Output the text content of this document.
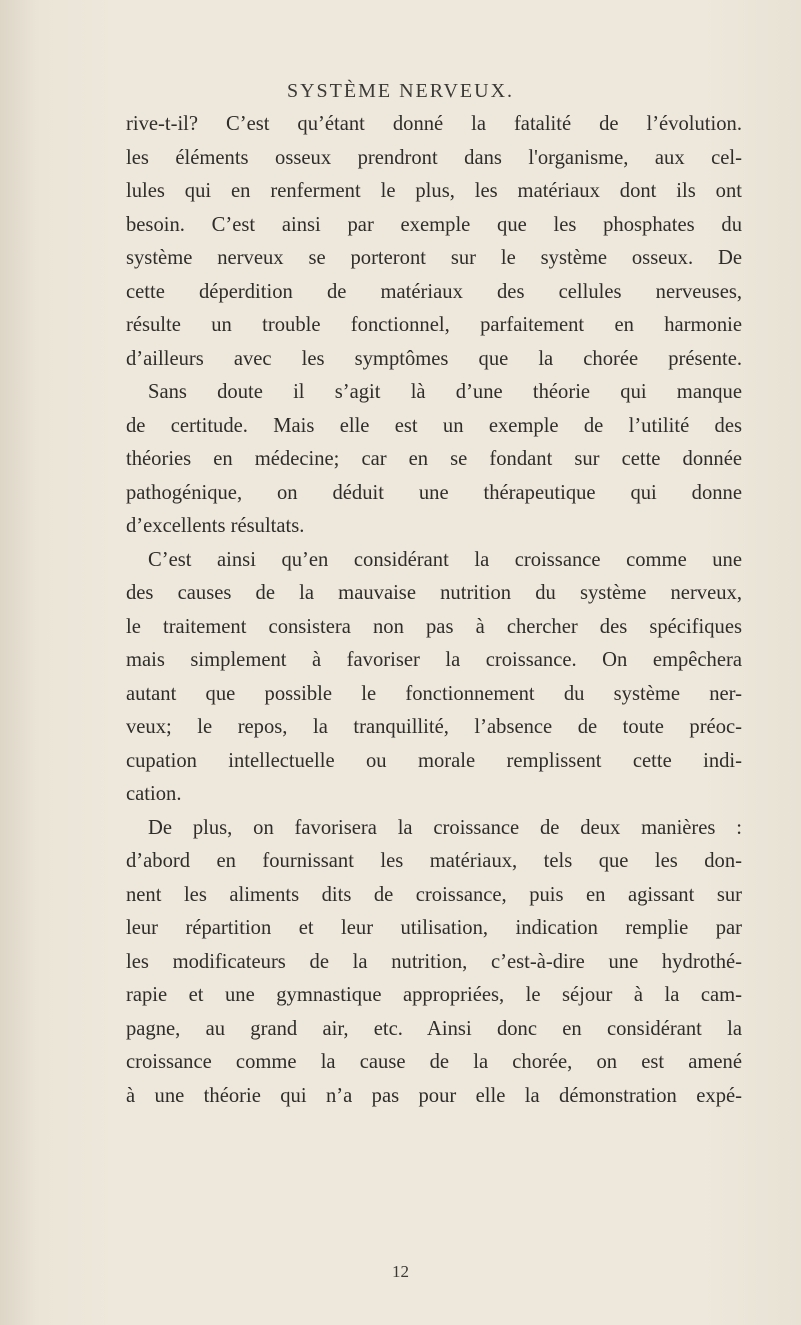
SYSTÈME NERVEUX.
rive-t-il? C’est qu’étant donné la fatalité de l’évolution.
les éléments osseux prendront dans l'organisme, aux cel-
lules qui en renferment le plus, les matériaux dont ils ont
besoin. C’est ainsi par exemple que les phosphates du
système nerveux se porteront sur le système osseux. De
cette déperdition de matériaux des cellules nerveuses,
résulte un trouble fonctionnel, parfaitement en harmonie
d’ailleurs avec les symptômes que la chorée présente.
Sans doute il s’agit là d’une théorie qui manque
de certitude. Mais elle est un exemple de l’utilité des
théories en médecine; car en se fondant sur cette donnée
pathogénique, on déduit une thérapeutique qui donne
d’excellents résultats.
C’est ainsi qu’en considérant la croissance comme une
des causes de la mauvaise nutrition du système nerveux,
le traitement consistera non pas à chercher des spécifiques
mais simplement à favoriser la croissance. On empêchera
autant que possible le fonctionnement du système ner-
veux; le repos, la tranquillité, l’absence de toute préoc-
cupation intellectuelle ou morale remplissent cette indi-
cation.
De plus, on favorisera la croissance de deux manières :
d’abord en fournissant les matériaux, tels que les don-
nent les aliments dits de croissance, puis en agissant sur
leur répartition et leur utilisation, indication remplie par
les modificateurs de la nutrition, c’est-à-dire une hydrothé-
rapie et une gymnastique appropriées, le séjour à la cam-
pagne, au grand air, etc. Ainsi donc en considérant la
croissance comme la cause de la chorée, on est amené
à une théorie qui n’a pas pour elle la démonstration expé-
12
